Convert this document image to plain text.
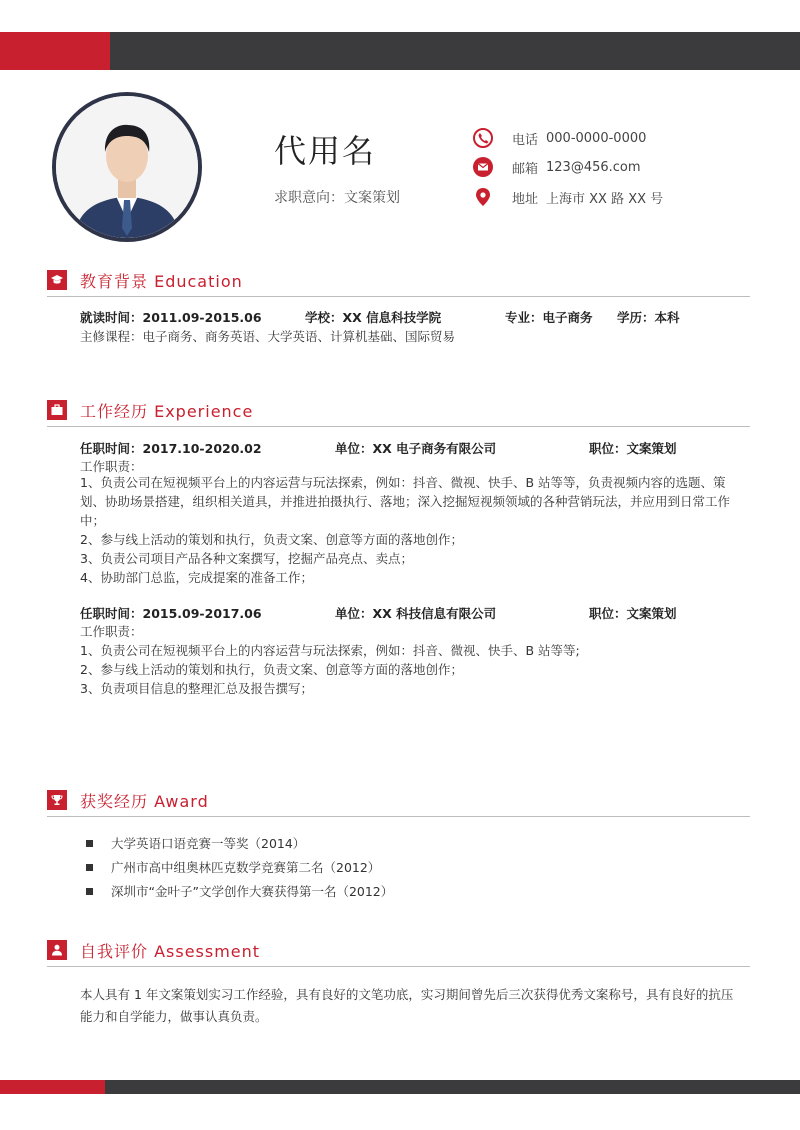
代用名
求职意向：文案策划
电话 000-0000-0000
邮箱 123@456.com
地址 上海市 XX 路 XX 号
教育背景 Education
就读时间：2011.09-2015.06	学校：XX 信息科技学院	专业：电子商务 学历：本科
主修课程：电子商务、商务英语、大学英语、计算机基础、国际贸易
工作经历 Experience
任职时间：2017.10-2020.02	单位：XX 电子商务有限公司	职位：文案策划
工作职责：
1、负责公司在短视频平台上的内容运营与玩法探索，例如：抖音、微视、快手、B 站等等，负责视频内容的选题、策划、协助场景搭建，组织相关道具，并推进拍摄执行、落地；深入挖掘短视频领域的各种营销玩法，并应用到日常工作中；
2、参与线上活动的策划和执行，负责文案、创意等方面的落地创作；
3、负责公司项目产品各种文案撰写，挖掘产品亮点、卖点；
4、协助部门总监，完成提案的准备工作；
任职时间：2015.09-2017.06	单位：XX 科技信息有限公司	职位：文案策划
工作职责：
1、负责公司在短视频平台上的内容运营与玩法探索，例如：抖音、微视、快手、B 站等等;
2、参与线上活动的策划和执行，负责文案、创意等方面的落地创作；
3、负责项目信息的整理汇总及报告撰写；
获奖经历 Award
大学英语口语竞赛一等奖（2014）
广州市高中组奥林匹克数学竞赛第二名（2012）
深圳市“金叶子”文学创作大赛获得第一名（2012）
自我评价 Assessment
本人具有 1 年文案策划实习工作经验，具有良好的文笔功底，实习期间曾先后三次获得优秀文案称号，具有良好的抗压能力和自学能力，做事认真负责。
